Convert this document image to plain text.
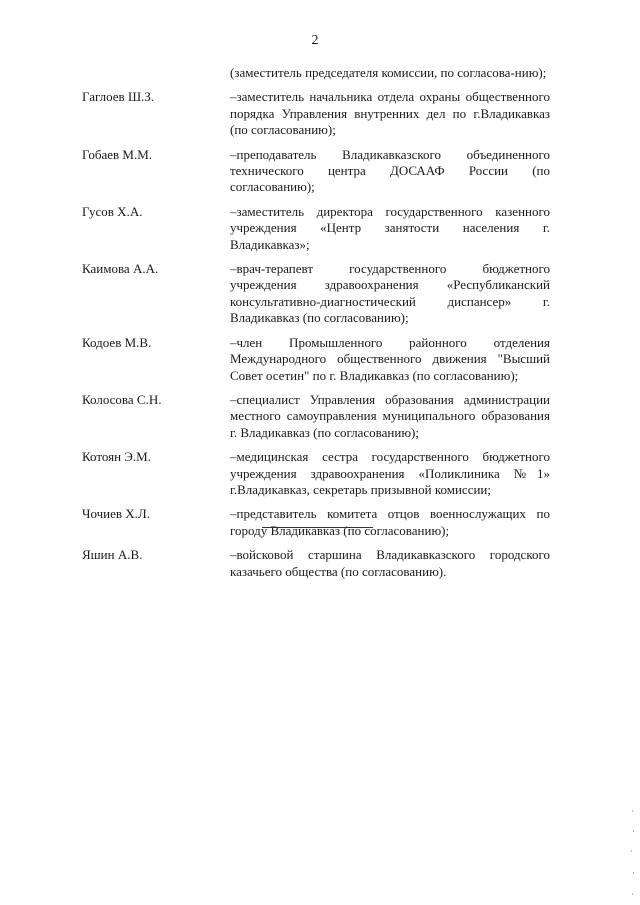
2
(заместитель председателя комиссии, по согласова-нию);
Гаглоев Ш.З.	–заместитель начальника отдела охраны общественного порядка Управления внутренних дел по г.Владикавказ (по согласованию);
Гобаев М.М.	–преподаватель Владикавказского объединенного технического центра ДОСААФ России (по согласованию);
Гусов Х.А.	–заместитель директора государственного казенного учреждения «Центр занятости населения г. Владикавказ»;
Каимова А.А.	–врач-терапевт государственного бюджетного учреждения здравоохранения «Республиканский консультативно-диагностический диспансер» г. Владикавказ (по согласованию);
Кодоев М.В.	–член Промышленного районного отделения Международного общественного движения "Высший Совет осетин" по г. Владикавказ (по согласованию);
Колосова С.Н.	–специалист Управления образования администрации местного самоуправления муниципального образования г. Владикавказ (по согласованию);
Котоян Э.М.	–медицинская сестра государственного бюджетного учреждения здравоохранения «Поликлиника №1» г.Владикавказ, секретарь призывной комиссии;
Чочиев Х.Л.	–представитель комитета отцов военнослужащих по городу Владикавказ (по согласованию);
Яшин А.В.	–войсковой старшина Владикавказского городского казачьего общества (по согласованию).
